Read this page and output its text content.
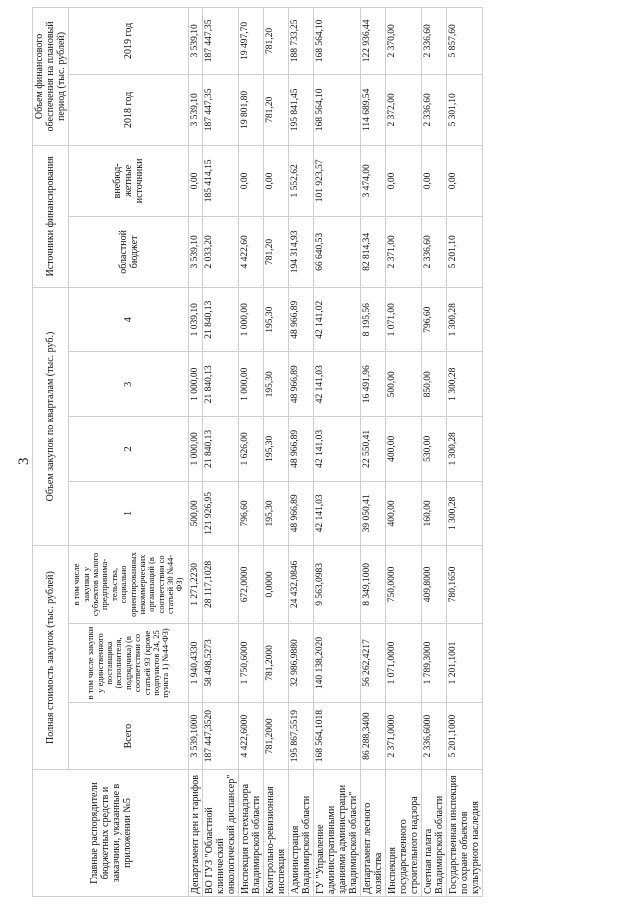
3
Главные распорядители бюджетных средств и заказчики, указанные в приложении №5	Полная стоимость закупок (тыс. рублей)			Объем закупок по кварталам (тыс. руб.)				Источники финансирования		Объем финансового обеспечения на плановый период (тыс. рублей)	
	Всего	в том числе закупки у единственного поставщика (исполнителя, подрядчика) (в соответствии со статьей 93 (кроме подпунктов 24, 25 пункта 1) №44-ФЗ)	в том числе закупки у субъектов малого предпринима-тельства, социально ориентированных некоммерческих организаций (в соответствии со статьей 30 №44-ФЗ)	1	2	3	4	областной бюджет	внебюд-жетные источники	2018 год	2019 год

Департамент цен и тарифов	3 539,1000	1 940,4330	1 271,2230	500,00	1 000,00	1 000,00	1 039,10	3 539,10	0,00	3 539,10	3 539,10
ВО ГУЗ "Областной клинический онкологический диспансер"	187 447,3520	58 498,5273	28 117,1028	121 926,95	21 840,13	21 840,13	21 840,13	2 033,20	185 414,15	187 447,35	187 447,35
Инспекция гостехнадзора Владимирской области	4 422,6000	1 750,6000	672,0000	796,60	1 626,00	1 000,00	1 000,00	4 422,60	0,00	19 801,80	19 497,70
Контрольно-ревизионная инспекция	781,2000	781,2000	0,0000	195,30	195,30	195,30	195,30	781,20	0,00	781,20	781,20
Администрация Владимирской области	195 867,5519	32 986,9880	24 432,0846	48 966,89	48 966,89	48 966,89	48 966,89	194 314,93	1 552,62	195 841,45	188 733,25
ГУ "Управление административными зданиями администрации Владимирской области"	168 564,1018	140 138,2020	9 563,0983	42 141,03	42 141,03	42 141,03	42 141,02	66 640,53	101 923,57	168 564,10	168 564,10
Департамент лесного хозяйства	86 288,3400	56 262,4217	8 349,1000	39 050,41	22 550,41	16 491,96	8 195,56	82 814,34	3 474,00	114 689,54	122 936,44
Инспекция государственного строительного надзора	2 371,0000	1 071,0000	750,0000	400,00	400,00	500,00	1 071,00	2 371,00	0,00	2 372,00	2 370,00
Счетная палата Владимирской области	2 336,6000	1 789,3000	409,8000	160,00	530,00	850,00	796,60	2 336,60	0,00	2 336,60	2 336,60
Государственная инспекция по охране объектов культурного наследия	5 201,1000	1 201,1001	780,1650	1 300,28	1 300,28	1 300,28	1 300,28	5 201,10	0,00	5 301,10	5 857,60
